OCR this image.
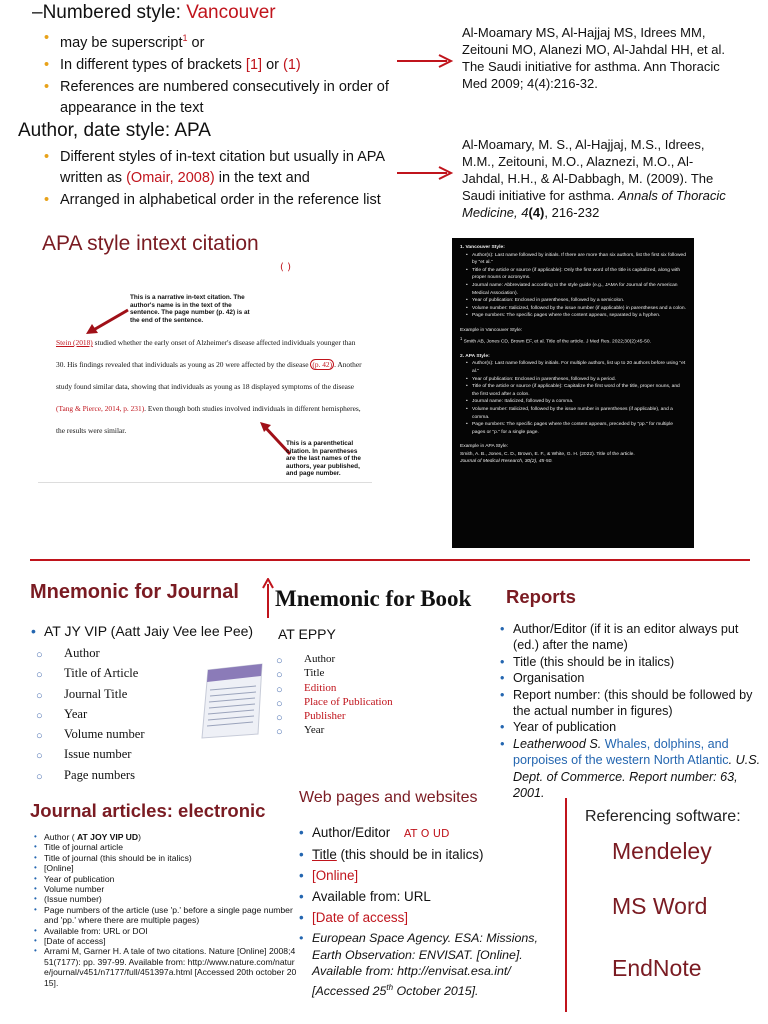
–Numbered style: Vancouver
• may be superscript$^1$ or
• In different types of brackets [1] or (1)
• References are numbered consecutively in order of appearance in the text
Author, date style: APA
• Different styles of in-text citation but usually in APA written as (Omair, 2008) in the text and
• Arranged in alphabetical order in the reference list
Al-Moamary MS, Al-Hajjaj MS, Idrees MM, Zeitouni MO, Alanezi MO, Al-Jahdal HH, et al. The Saudi initiative for asthma. Ann Thoracic Med 2009; 4(4):216-32.
Al-Moamary, M. S., Al-Hajjaj, M.S., Idrees, M.M., Zeitouni, M.O., Alaznezi, M.O., Al-Jahdal, H.H., & Al-Dabbagh, M. (2009). The Saudi initiative for asthma. Annals of Thoracic Medicine, 4(4), 216-232
APA style intext citation
( )
This is a narrative in-text citation. The author's name is in the text of the sentence. The page number (p. 42) is at the end of the sentence.
Stein (2018) studied whether the early onset of Alzheimer's disease affected individuals younger than 30. His findings revealed that individuals as young as 20 were affected by the disease (p. 42) . Another study found similar data, showing that individuals as young as 18 displayed symptoms of the disease (Tang & Pierce, 2014, p. 231). Even though both studies involved individuals in different hemispheres, the results were similar.
This is a parenthetical citation. In parentheses are the last names of the authors, year published, and page number.
1. Vancouver Style:
• Author(s): Last name followed by initials. If there are more than six authors, list the first six followed by "et al."
• Title of the article or source (if applicable): Only the first word of the title is capitalized, along with proper nouns or acronyms.
• Journal name: Abbreviated according to the style guide (e.g., JAMA for Journal of the American Medical Association).
• Year of publication: Enclosed in parentheses, followed by a semicolon.
• Volume number: Italicized, followed by the issue number (if applicable) in parentheses and a colon.
• Page numbers: The specific pages where the content appears, separated by a hyphen.
Example in Vancouver Style:
$^1$ Smith AB, Jones CD, Brown EF, et al. Title of the article. J Med Res. 2022;30(2):45-50.
2. APA Style:
• Author(s): Last name followed by initials. For multiple authors, list up to 20 authors before using "et al."
• Year of publication: Enclosed in parentheses, followed by a period.
• Title of the article or source (if applicable): Capitalize the first word of the title, proper nouns, and the first word after a colon.
• Journal name: Italicized, followed by a comma.
• Volume number: Italicized, followed by the issue number in parentheses (if applicable), and a comma.
• Page numbers: The specific pages where the content appears, preceded by "pp." for multiple pages or "p." for a single page.
Example in APA Style:
Smith, A. B., Jones, C. D., Brown, E. F., & White, G. H. (2022). Title of the article.
Journal of Medical Research, 30(2), 45-50.
Mnemonic for Journal
• AT JY VIP (Aatt Jaiy Vee lee Pee)
○ Author
○ Title of Article
○ Journal Title
○ Year
○ Volume number
○ Issue number
○ Page numbers
Mnemonic for Book
AT EPPY
○ Author
○ Title
○ Edition
○ Place of Publication
○ Publisher
○ Year
Reports
• Author/Editor (if it is an editor always put (ed.) after the name)
• Title (this should be in italics)
• Organisation
• Report number: (this should be followed by the actual number in figures)
• Year of publication
• Leatherwood S. Whales, dolphins, and porpoises of the western North Atlantic. U.S. Dept. of Commerce. Report number: 63, 2001.
Journal articles: electronic
• Author ( AT JOY VIP UD)
• Title of journal article
• Title of journal (this should be in italics)
• [Online]
• Year of publication
• Volume number
• (Issue number)
• Page numbers of the article (use 'p.' before a single page number and 'pp.' where there are multiple pages)
• Available from: URL or DOI
• [Date of access]
• Arrami M, Garner H. A tale of two citations. Nature [Online] 2008;451(7177): pp. 397-99. Available from: http://www.nature.com/nature/journal/v451/n7177/full/451397a.html [Accessed 20th october 2015].
Web pages and websites
• Author/Editor AT O UD
• Title (this should be in italics)
• [Online]
• Available from: URL
• [Date of access]
• European Space Agency. ESA: Missions, Earth Observation: ENVISAT. [Online]. Available from: http://envisat.esa.int/ [Accessed 25th October 2015].
Referencing software:
Mendeley
MS Word
EndNote
